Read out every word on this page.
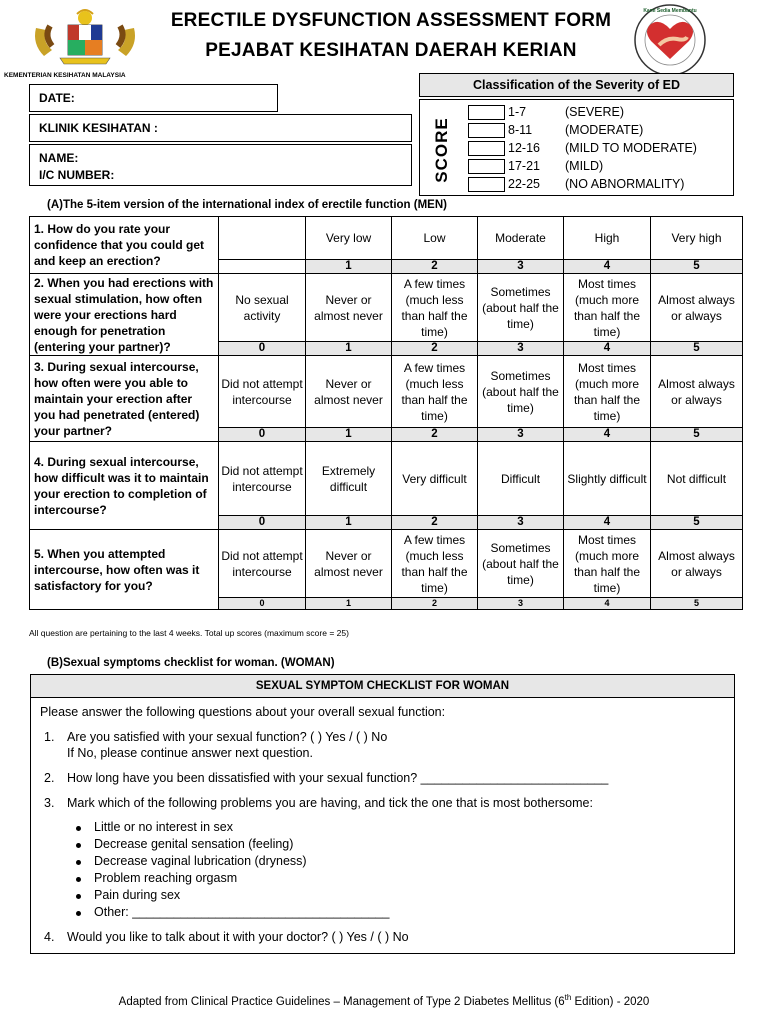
KEMENTERIAN KESIHATAN MALAYSIA
ERECTILE DYSFUNCTION ASSESSMENT FORM
PEJABAT KESIHATAN DAERAH KERIAN
Kami Sedia Membantu
DATE:
KLINIK KESIHATAN :
NAME:
I/C NUMBER:
Classification of the Severity of ED
SCORE
1-7	(SEVERE)
8-11	(MODERATE)
12-16 (MILD TO MODERATE)
17-21 (MILD)
22-25 (NO ABNORMALITY)
(A)The 5-item version of the international index of erectile function (MEN)
1. How do you rate your confidence that you could get and keep an erection?		Very low	Low	Moderate	High	Very high
		1	2	3	4	5
2. When you had erections with sexual stimulation, how often were your erections hard enough for penetration (entering your partner)?	No sexual activity	Never or almost never	A few times (much less than half the time)	Sometimes (about half the time)	Most times (much more than half the time)	Almost always or always
	0	1	2	3	4	5
3. During sexual intercourse, how often were you able to maintain your erection after you had penetrated (entered) your partner?	Did not attempt intercourse	Never or almost never	A few times (much less than half the time)	Sometimes (about half the time)	Most times (much more than half the time)	Almost always or always
	0	1	2	3	4	5
4. During sexual intercourse, how difficult was it to maintain your erection to completion of intercourse?	Did not attempt intercourse	Extremely difficult	Very difficult	Difficult	Slightly difficult	Not difficult
	0	1	2	3	4	5
5. When you attempted intercourse, how often was it satisfactory for you?	Did not attempt intercourse	Never or almost never	A few times (much less than half the time)	Sometimes (about half the time)	Most times (much more than half the time)	Almost always or always
	0	1	2	3	4	5
All question are pertaining to the last 4 weeks. Total up scores (maximum score = 25)
(B)Sexual symptoms checklist for woman. (WOMAN)
SEXUAL SYMPTOM CHECKLIST FOR WOMAN
Please answer the following questions about your overall sexual function:
1. Are you satisfied with your sexual function? ( ) Yes / ( ) No
If No, please continue answer next question.
2. How long have you been dissatisfied with your sexual function? ___________________________
3. Mark which of the following problems you are having, and tick the one that is most bothersome:
Little or no interest in sex
Decrease genital sensation (feeling)
Decrease vaginal lubrication (dryness)
Problem reaching orgasm
Pain during sex
Other: _____________________________________
4. Would you like to talk about it with your doctor? ( ) Yes / ( ) No
Adapted from Clinical Practice Guidelines – Management of Type 2 Diabetes Mellitus (6th Edition) - 2020
